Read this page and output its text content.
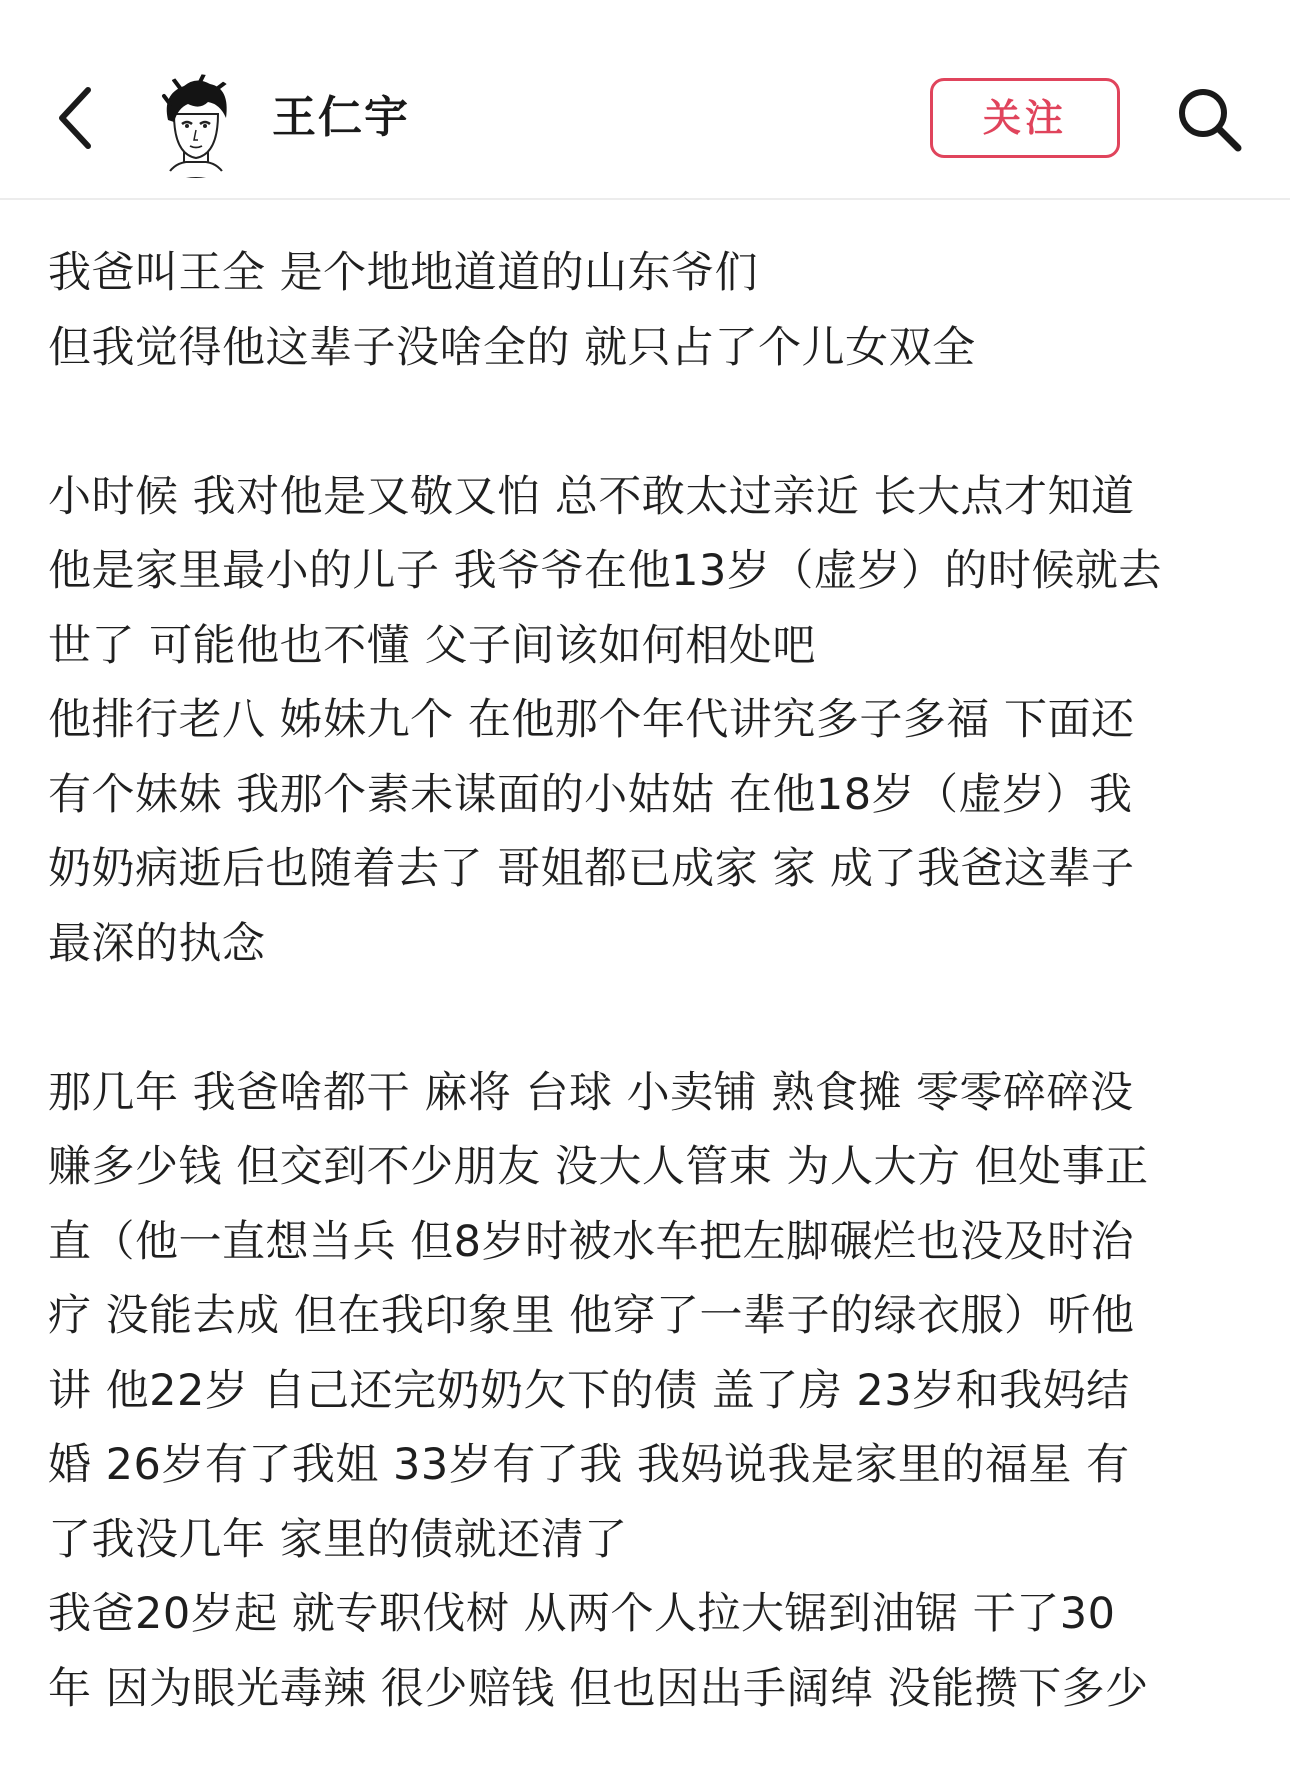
王仁宇	关注

我爸叫王全 是个地地道道的山东爷们

但我觉得他这辈子没啥全的 就只占了个儿女双全

小时候 我对他是又敬又怕 总不敢太过亲近 长大点才知道

他是家里最小的儿子 我爷爷在他13岁（虚岁）的时候就去

世了 可能他也不懂 父子间该如何相处吧

他排行老八 姊妹九个 在他那个年代讲究多子多福 下面还

有个妹妹 我那个素未谋面的小姑姑 在他18岁（虚岁）我

奶奶病逝后也随着去了 哥姐都已成家 家 成了我爸这辈子

最深的执念

那几年 我爸啥都干 麻将 台球 小卖铺 熟食摊 零零碎碎没

赚多少钱 但交到不少朋友 没大人管束 为人大方 但处事正

直（他一直想当兵 但8岁时被水车把左脚碾烂也没及时治

疗 没能去成 但在我印象里 他穿了一辈子的绿衣服）听他

讲 他22岁 自己还完奶奶欠下的债 盖了房 23岁和我妈结

婚 26岁有了我姐 33岁有了我 我妈说我是家里的福星 有

了我没几年 家里的债就还清了

我爸20岁起 就专职伐树 从两个人拉大锯到油锯 干了30

年 因为眼光毒辣 很少赔钱 但也因出手阔绰 没能攒下多少
